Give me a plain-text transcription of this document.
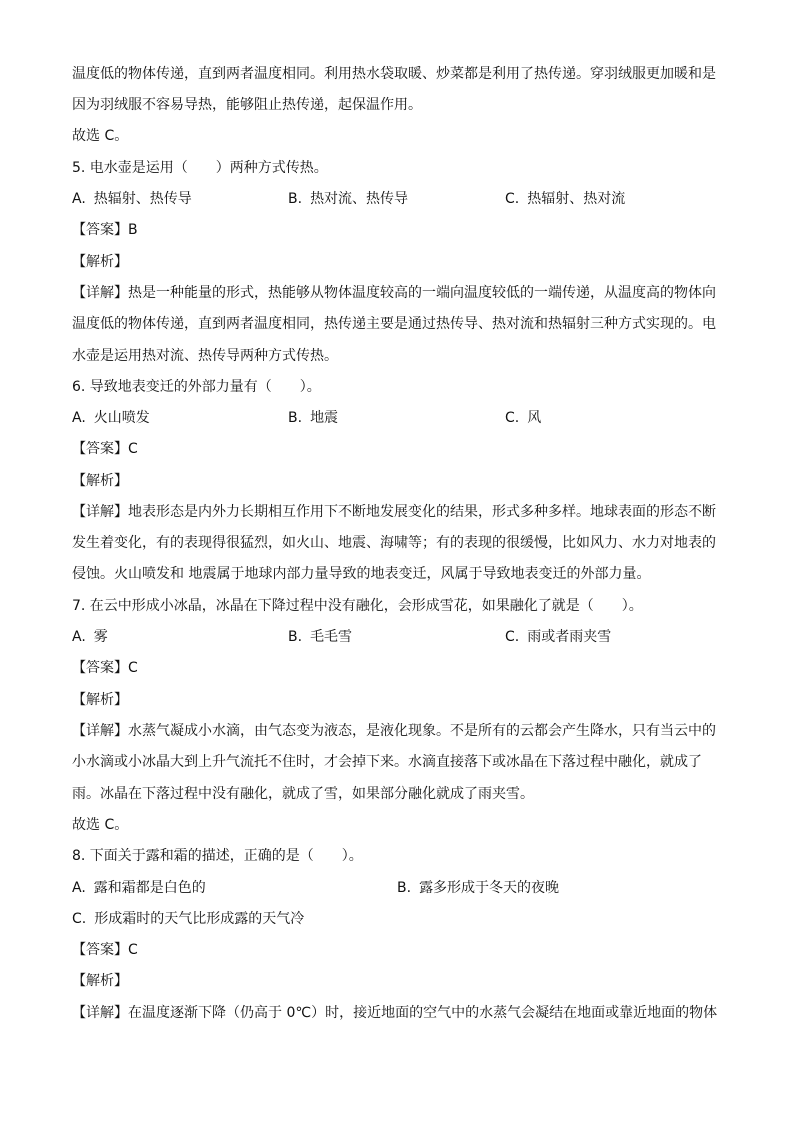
温度低的物体传递，直到两者温度相同。利用热水袋取暖、炒菜都是利用了热传递。穿羽绒服更加暖和是
因为羽绒服不容易导热，能够阻止热传递，起保温作用。
故选 C。
5. 电水壶是运用（　　）两种方式传热。
A. 热辐射、热传导	B. 热对流、热传导	C. 热辐射、热对流
【答案】B
【解析】
【详解】热是一种能量的形式，热能够从物体温度较高的一端向温度较低的一端传递，从温度高的物体向
温度低的物体传递，直到两者温度相同，热传递主要是通过热传导、热对流和热辐射三种方式实现的。电
水壶是运用热对流、热传导两种方式传热。
6. 导致地表变迁的外部力量有（　　）。
A. 火山喷发	B. 地震	C. 风
【答案】C
【解析】
【详解】地表形态是内外力长期相互作用下不断地发展变化的结果，形式多种多样。地球表面的形态不断
发生着变化，有的表现得很猛烈，如火山、地震、海啸等；有的表现的很缓慢，比如风力、水力对地表的
侵蚀。火山喷发和 地震属于地球内部力量导致的地表变迁，风属于导致地表变迁的外部力量。
7. 在云中形成小冰晶，冰晶在下降过程中没有融化，会形成雪花，如果融化了就是（　　）。
A. 雾	B. 毛毛雪	C. 雨或者雨夹雪
【答案】C
【解析】
【详解】水蒸气凝成小水滴，由气态变为液态，是液化现象。不是所有的云都会产生降水，只有当云中的
小水滴或小冰晶大到上升气流托不住时，才会掉下来。水滴直接落下或冰晶在下落过程中融化，就成了
雨。冰晶在下落过程中没有融化，就成了雪，如果部分融化就成了雨夹雪。
故选 C。
8. 下面关于露和霜的描述，正确的是（　　）。
A. 露和霜都是白色的	B. 露多形成于冬天的夜晚
C. 形成霜时的天气比形成露的天气冷
【答案】C
【解析】
【详解】在温度逐渐下降（仍高于 0℃）时，接近地面的空气中的水蒸气会凝结在地面或靠近地面的物体
